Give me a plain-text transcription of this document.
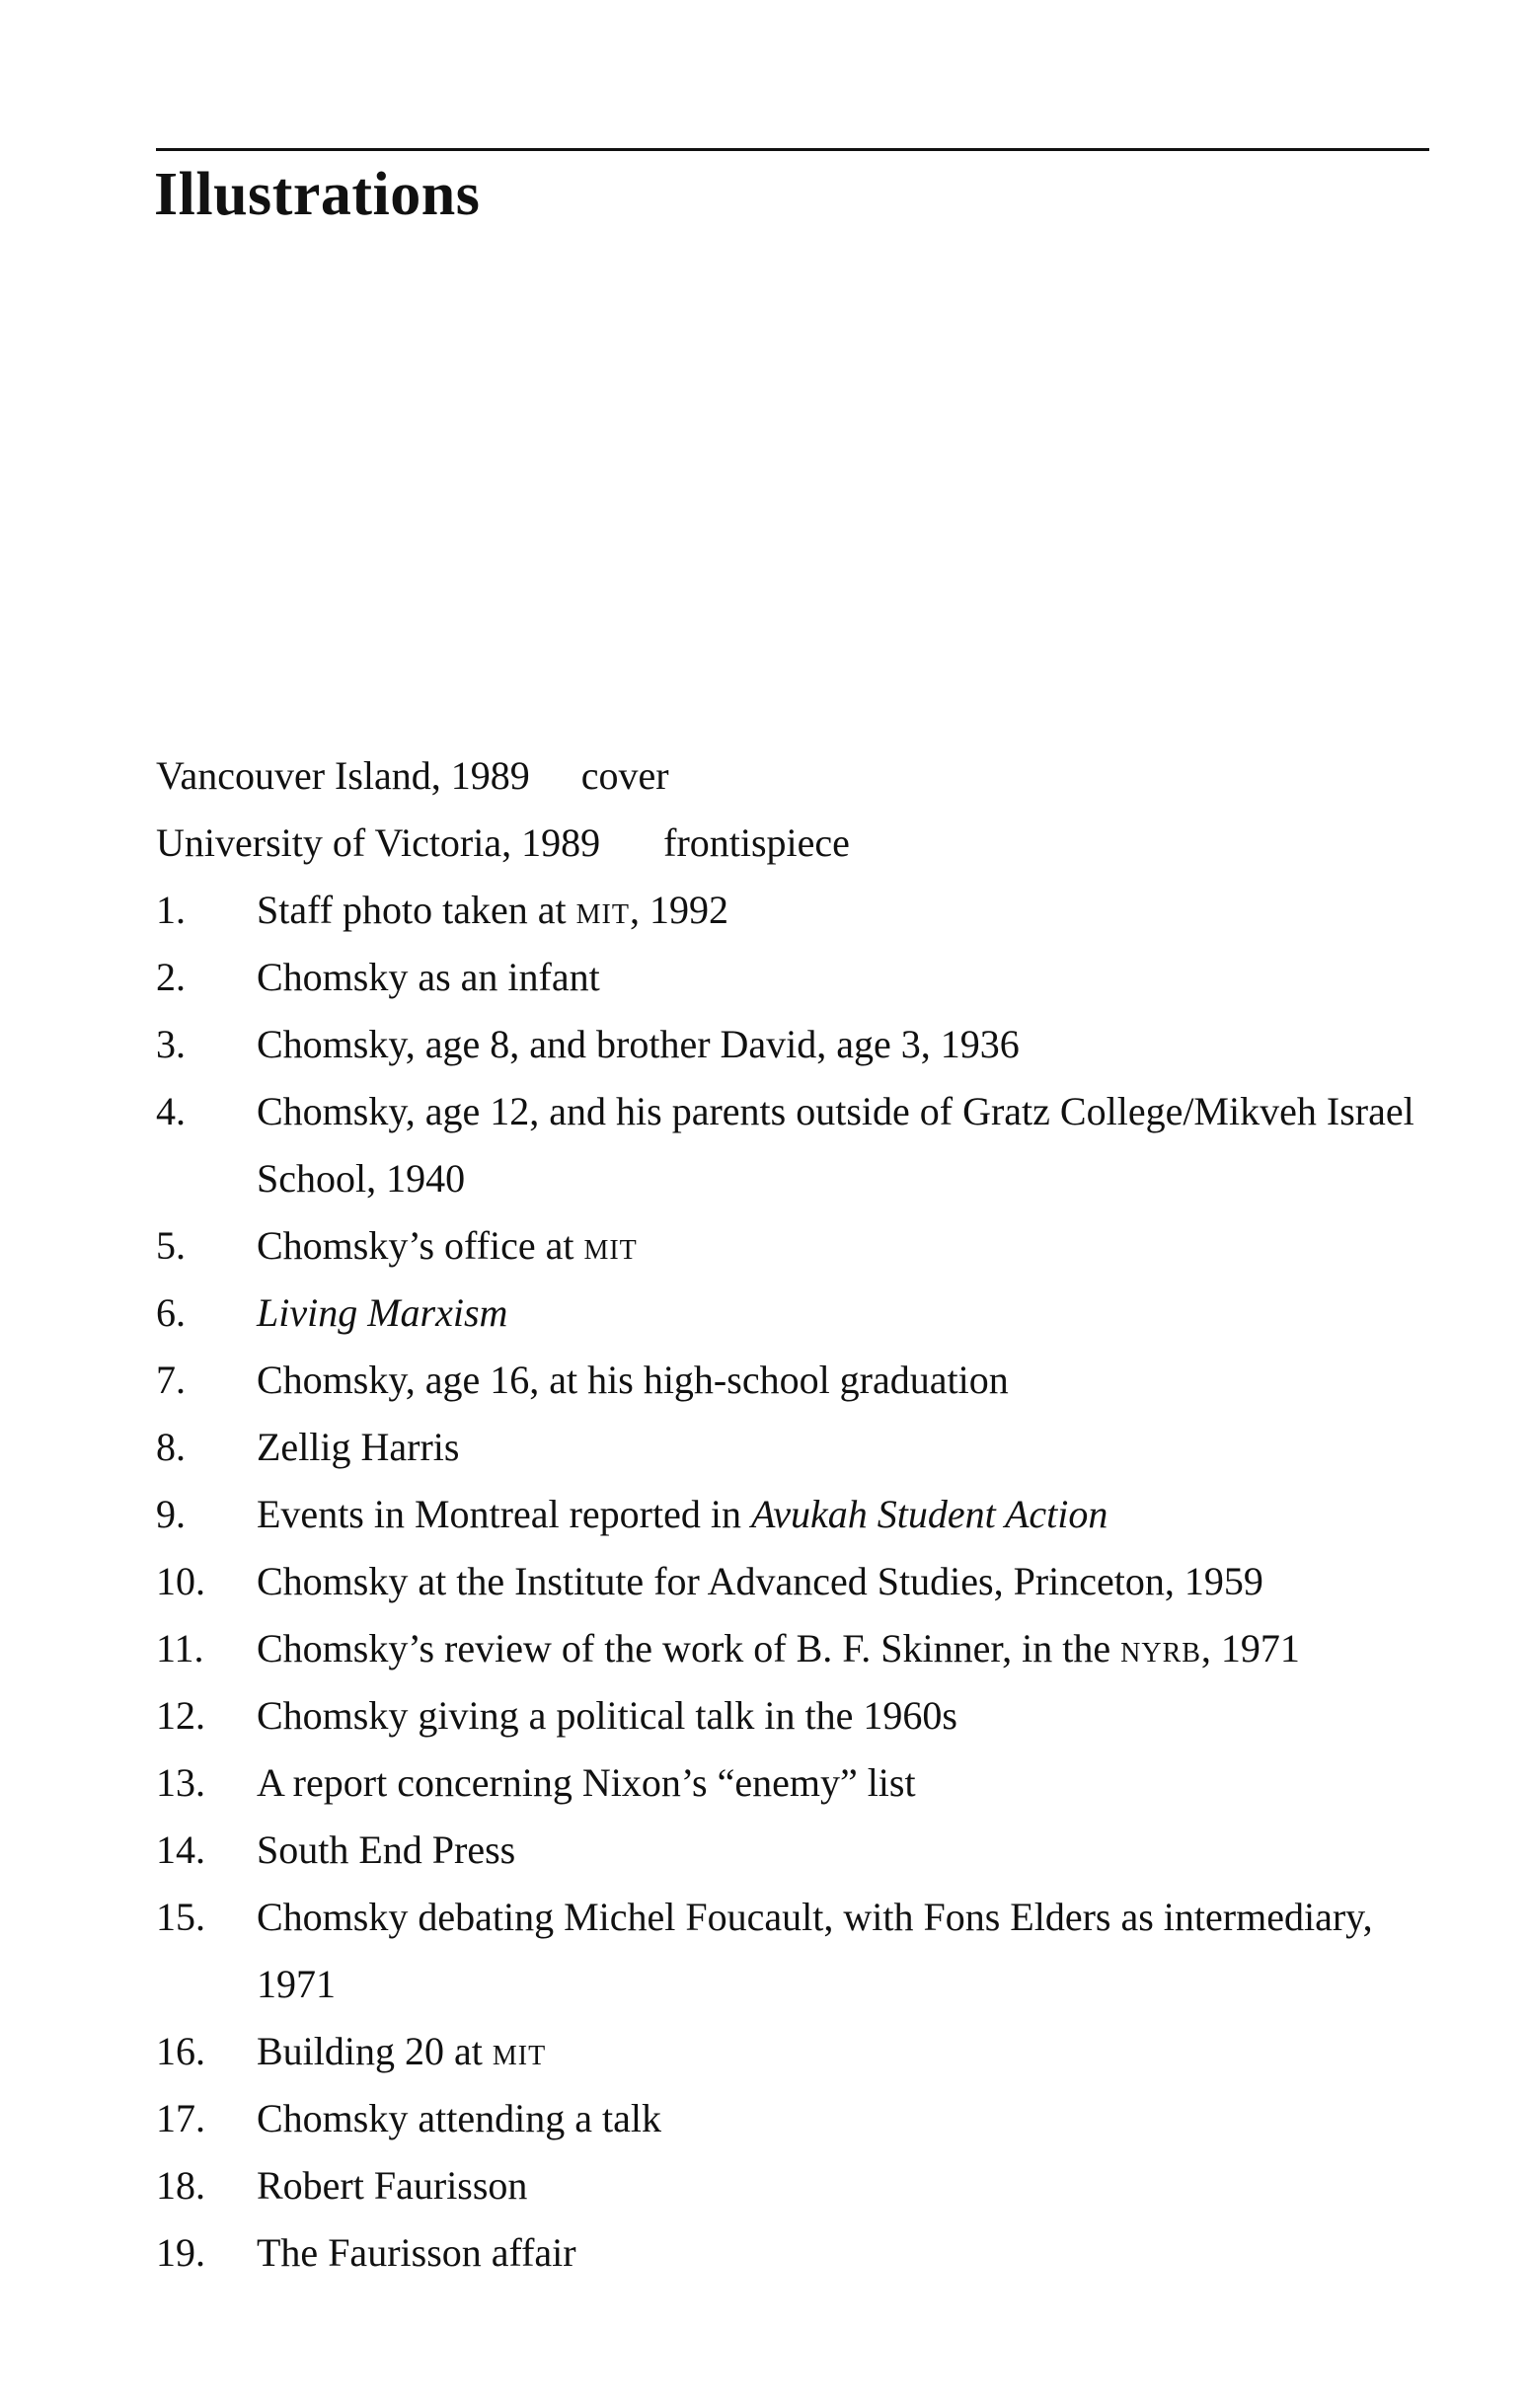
Illustrations
Vancouver Island, 1989 cover
University of Victoria, 1989 frontispiece
1.	Staff photo taken at mit, 1992
2.	Chomsky as an infant
3.	Chomsky, age 8, and brother David, age 3, 1936
4.	Chomsky, age 12, and his parents outside of Gratz College/Mikveh Israel School, 1940
5.	Chomsky’s office at mit
6.	Living Marxism
7.	Chomsky, age 16, at his high-school graduation
8.	Zellig Harris
9.	Events in Montreal reported in Avukah Student Action
10.	Chomsky at the Institute for Advanced Studies, Princeton, 1959
11.	Chomsky’s review of the work of B. F. Skinner, in the nyrb, 1971
12.	Chomsky giving a political talk in the 1960s
13.	A report concerning Nixon’s “enemy” list
14.	South End Press
15.	Chomsky debating Michel Foucault, with Fons Elders as intermediary, 1971
16.	Building 20 at mit
17.	Chomsky attending a talk
18.	Robert Faurisson
19.	The Faurisson affair
